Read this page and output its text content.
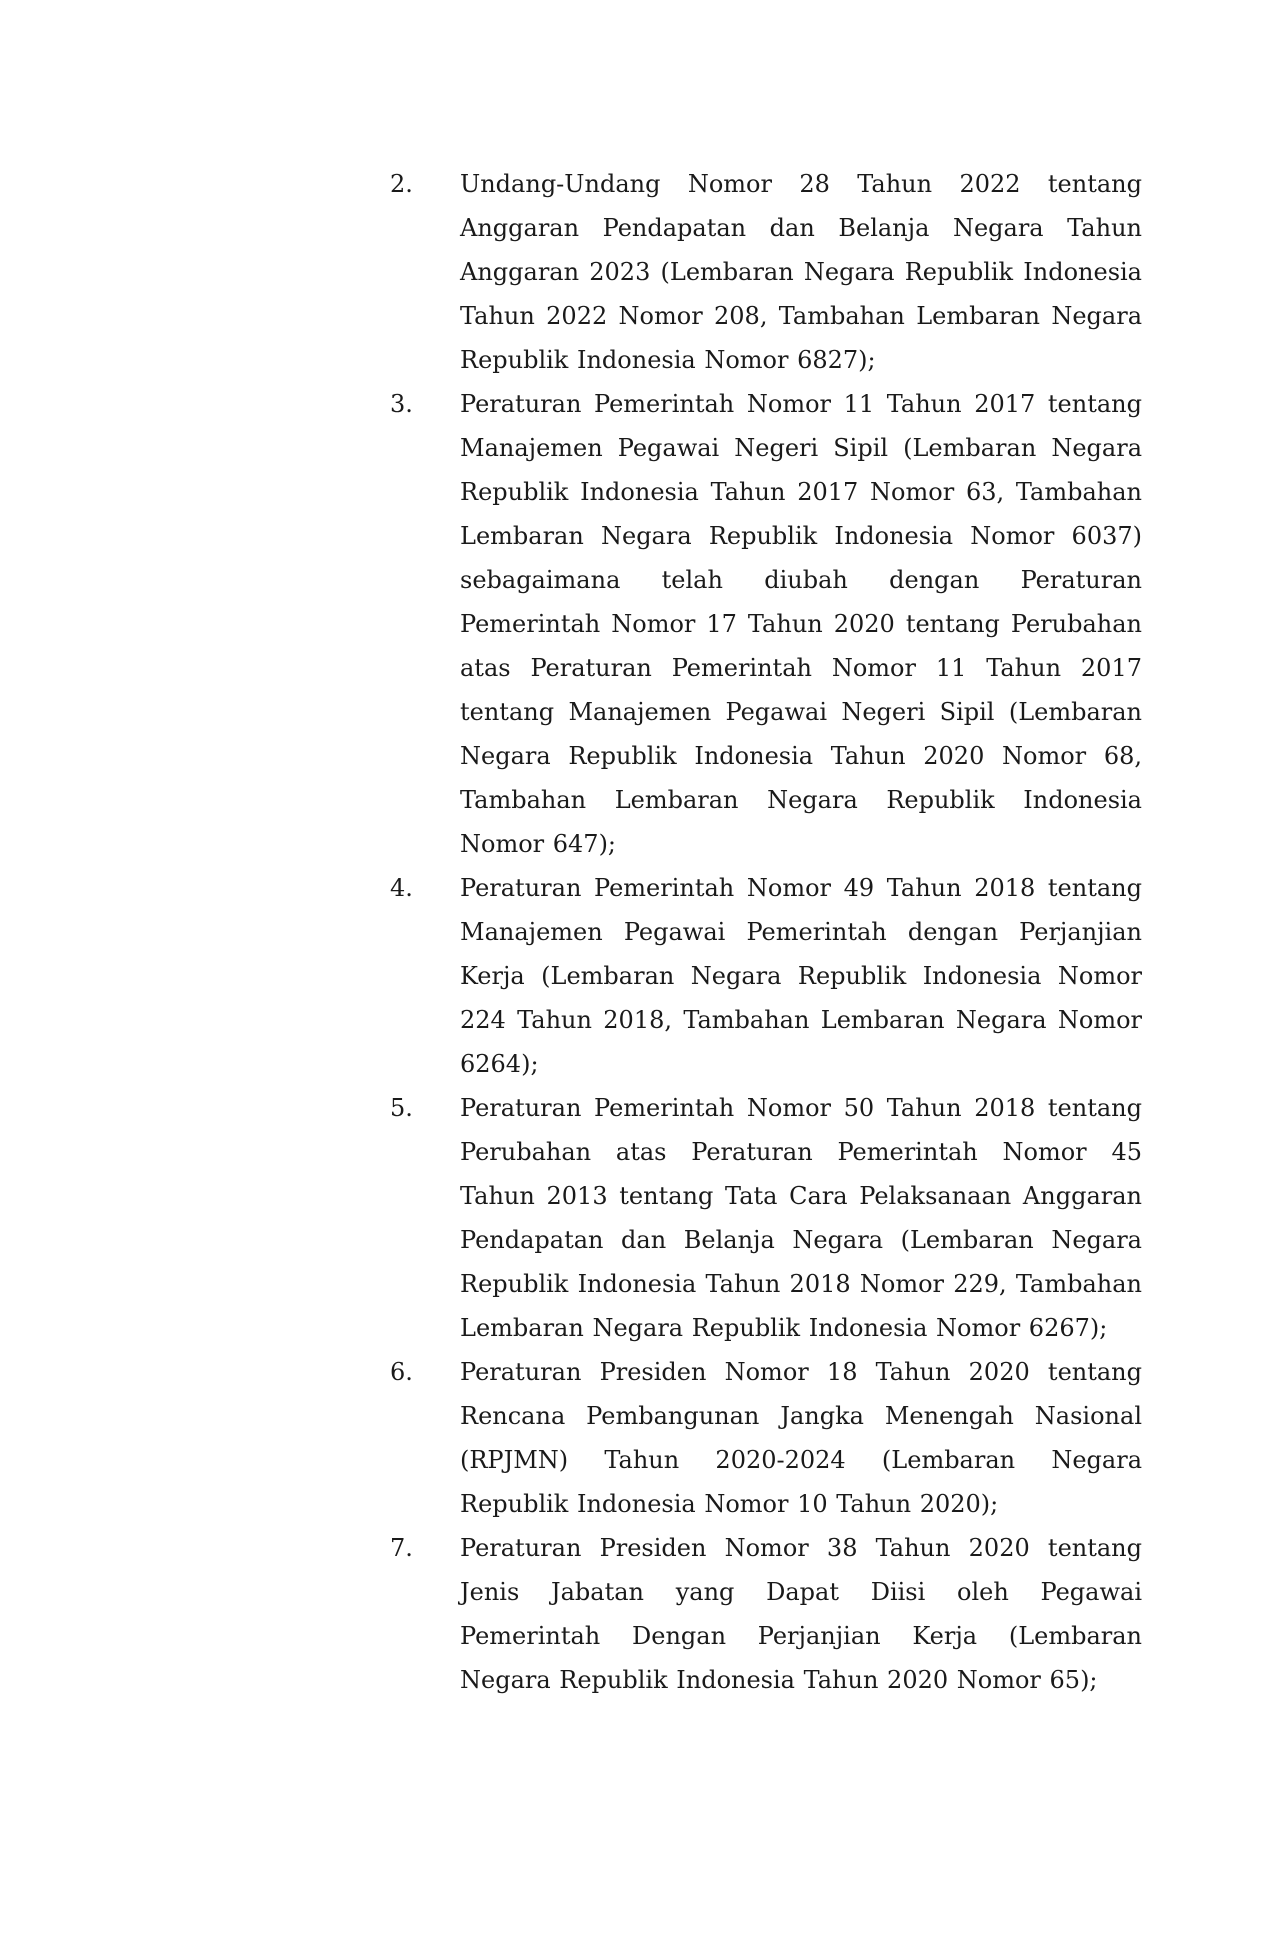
2. Undang-Undang Nomor 28 Tahun 2022 tentang Anggaran Pendapatan dan Belanja Negara Tahun Anggaran 2023 (Lembaran Negara Republik Indonesia Tahun 2022 Nomor 208, Tambahan Lembaran Negara Republik Indonesia Nomor 6827);
3. Peraturan Pemerintah Nomor 11 Tahun 2017 tentang Manajemen Pegawai Negeri Sipil (Lembaran Negara Republik Indonesia Tahun 2017 Nomor 63, Tambahan Lembaran Negara Republik Indonesia Nomor 6037) sebagaimana telah diubah dengan Peraturan Pemerintah Nomor 17 Tahun 2020 tentang Perubahan atas Peraturan Pemerintah Nomor 11 Tahun 2017 tentang Manajemen Pegawai Negeri Sipil (Lembaran Negara Republik Indonesia Tahun 2020 Nomor 68, Tambahan Lembaran Negara Republik Indonesia Nomor 647);
4. Peraturan Pemerintah Nomor 49 Tahun 2018 tentang Manajemen Pegawai Pemerintah dengan Perjanjian Kerja (Lembaran Negara Republik Indonesia Nomor 224 Tahun 2018, Tambahan Lembaran Negara Nomor 6264);
5. Peraturan Pemerintah Nomor 50 Tahun 2018 tentang Perubahan atas Peraturan Pemerintah Nomor 45 Tahun 2013 tentang Tata Cara Pelaksanaan Anggaran Pendapatan dan Belanja Negara (Lembaran Negara Republik Indonesia Tahun 2018 Nomor 229, Tambahan Lembaran Negara Republik Indonesia Nomor 6267);
6. Peraturan Presiden Nomor 18 Tahun 2020 tentang Rencana Pembangunan Jangka Menengah Nasional (RPJMN) Tahun 2020-2024 (Lembaran Negara Republik Indonesia Nomor 10 Tahun 2020);
7. Peraturan Presiden Nomor 38 Tahun 2020 tentang Jenis Jabatan yang Dapat Diisi oleh Pegawai Pemerintah Dengan Perjanjian Kerja (Lembaran Negara Republik Indonesia Tahun 2020 Nomor 65);
